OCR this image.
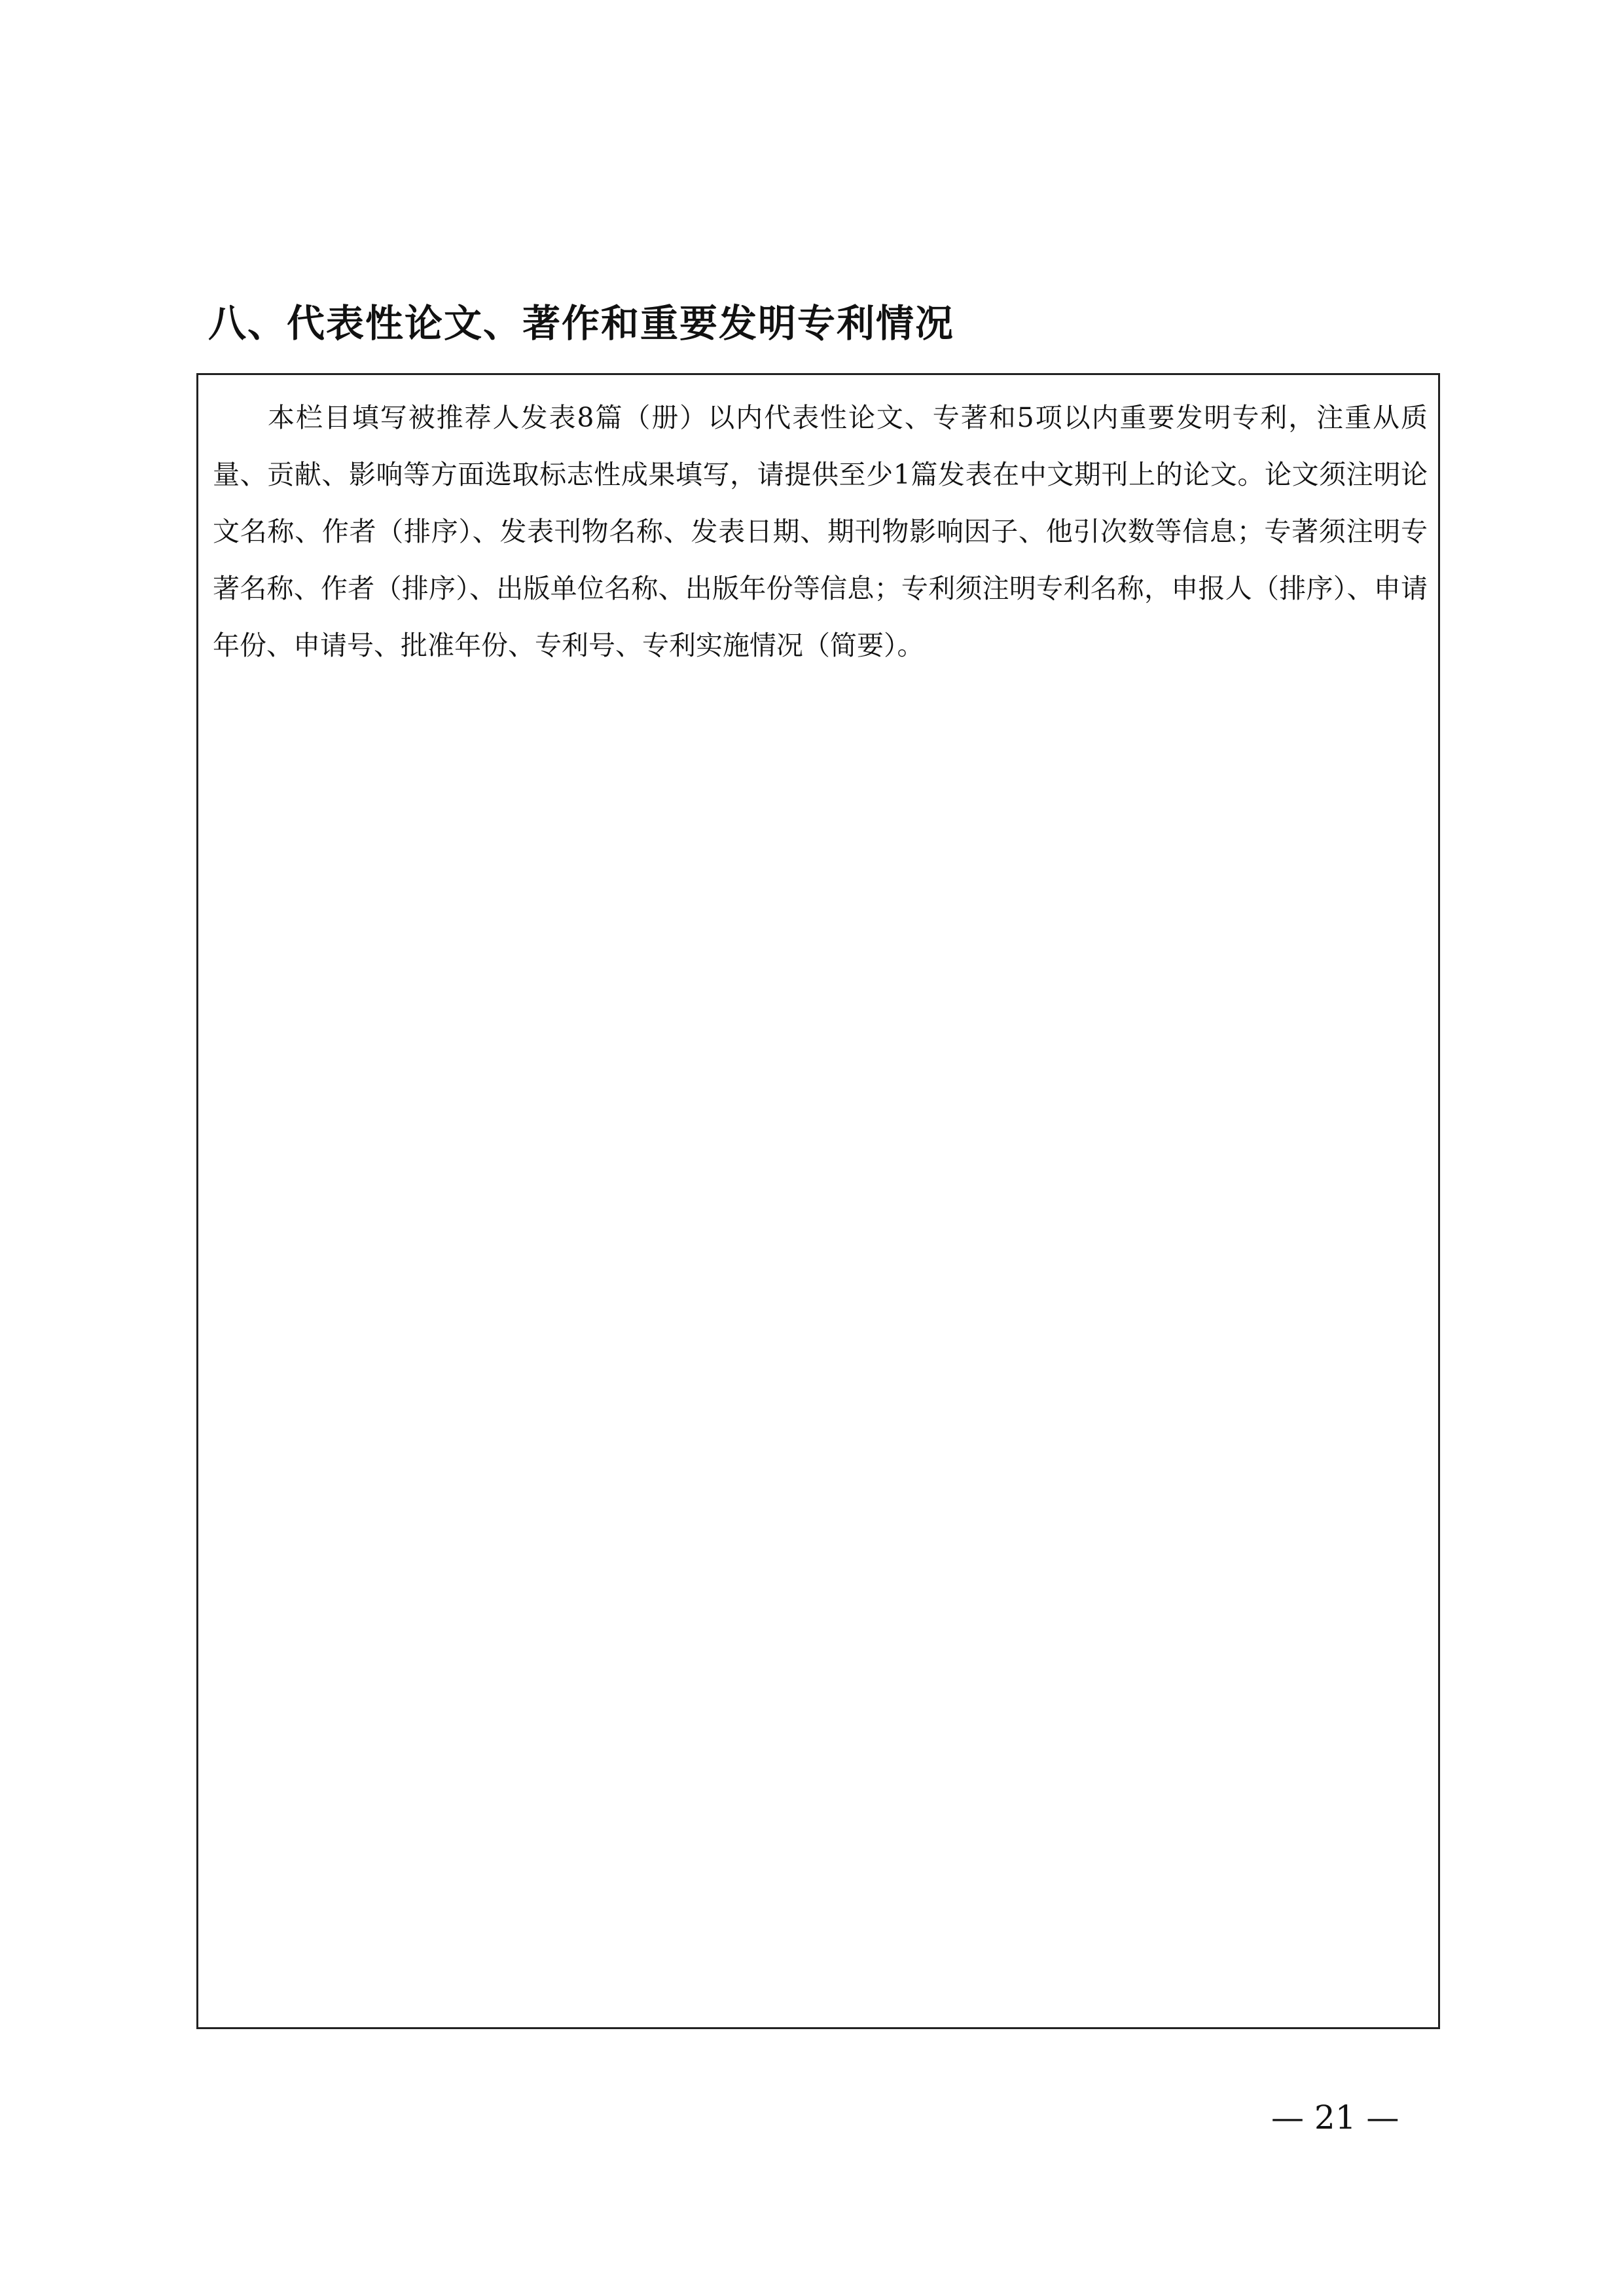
八、代表性论文、著作和重要发明专利情况

本栏目填写被推荐人发表8篇（册）以内代表性论文、专著和5项以内重要发明专利，注重从质量、贡献、影响等方面选取标志性成果填写，请提供至少1篇发表在中文期刊上的论文。论文须注明论文名称、作者（排序）、发表刊物名称、发表日期、期刊物影响因子、他引次数等信息；专著须注明专著名称、作者（排序）、出版单位名称、出版年份等信息；专利须注明专利名称，申报人（排序）、申请年份、申请号、批准年份、专利号、专利实施情况（简要）。

— 21 —
